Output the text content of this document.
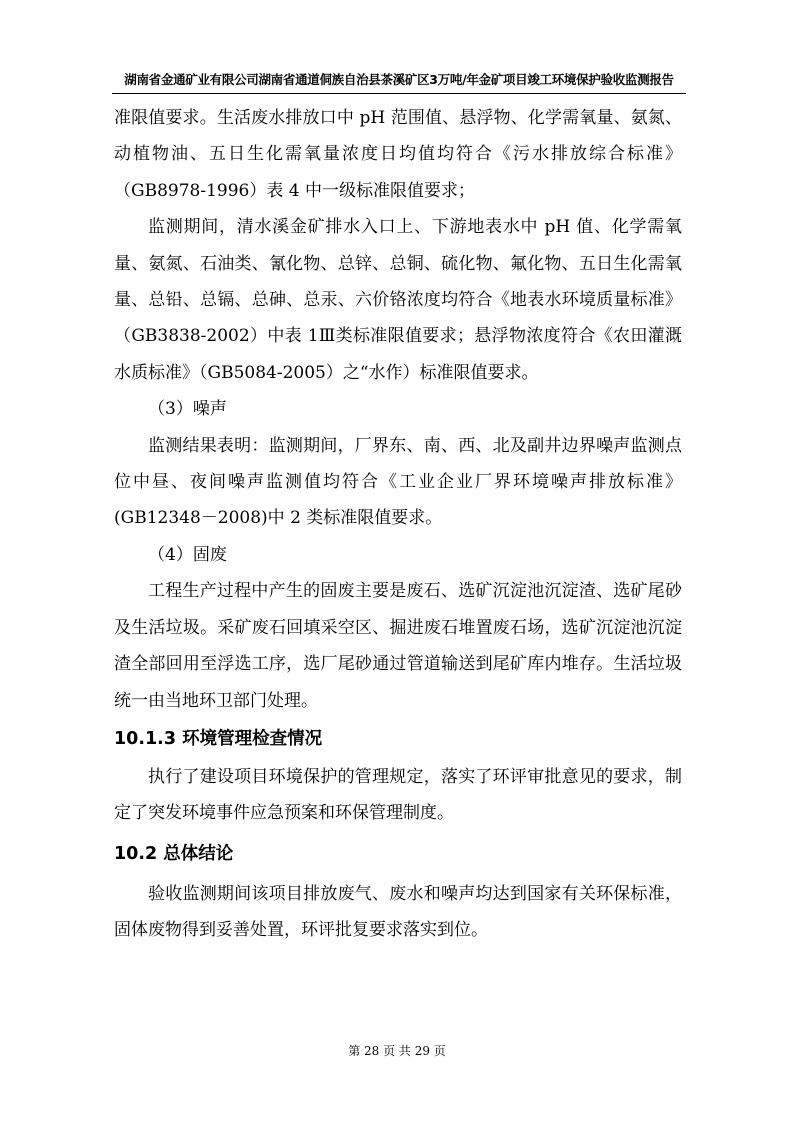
湖南省金通矿业有限公司湖南省通道侗族自治县茶溪矿区3万吨/年金矿项目竣工环境保护验收监测报告

准限值要求。生活废水排放口中 pH 范围值、悬浮物、化学需氧量、氨氮、动植物油、五日生化需氧量浓度日均值均符合《污水排放综合标准》（GB8978-1996）表 4 中一级标准限值要求；

监测期间，清水溪金矿排水入口上、下游地表水中 pH 值、化学需氧量、氨氮、石油类、氰化物、总锌、总铜、硫化物、氟化物、五日生化需氧量、总铅、总镉、总砷、总汞、六价铬浓度均符合《地表水环境质量标准》（GB3838-2002）中表 1Ⅲ类标准限值要求；悬浮物浓度符合《农田灌溉水质标准》（GB5084-2005）之“水作）标准限值要求。

（3）噪声

监测结果表明：监测期间，厂界东、南、西、北及副井边界噪声监测点位中昼、夜间噪声监测值均符合《工业企业厂界环境噪声排放标准》(GB12348－2008)中 2 类标准限值要求。

（4）固废

工程生产过程中产生的固废主要是废石、选矿沉淀池沉淀渣、选矿尾砂及生活垃圾。采矿废石回填采空区、掘进废石堆置废石场，选矿沉淀池沉淀渣全部回用至浮选工序，选厂尾砂通过管道输送到尾矿库内堆存。生活垃圾统一由当地环卫部门处理。

10.1.3 环境管理检查情况

执行了建设项目环境保护的管理规定，落实了环评审批意见的要求，制定了突发环境事件应急预案和环保管理制度。

10.2 总体结论

验收监测期间该项目排放废气、废水和噪声均达到国家有关环保标准，固体废物得到妥善处置，环评批复要求落实到位。

第 28 页 共 29 页
